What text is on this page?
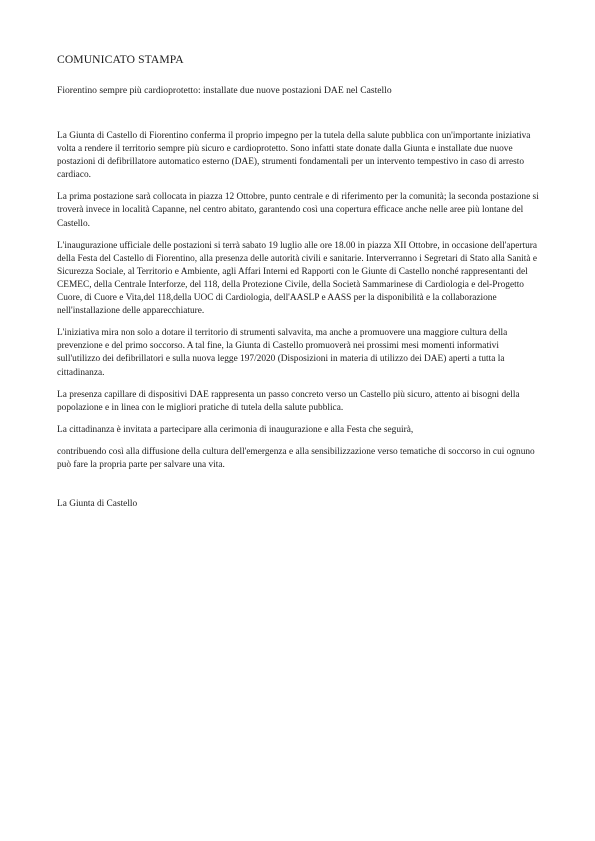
COMUNICATO STAMPA

Fiorentino sempre più cardioprotetto: installate due nuove postazioni DAE nel Castello

La Giunta di Castello di Fiorentino conferma il proprio impegno per la tutela della salute pubblica con un'importante iniziativa volta a rendere il territorio sempre più sicuro e cardioprotetto. Sono infatti state donate dalla Giunta e installate due nuove postazioni di defibrillatore automatico esterno (DAE), strumenti fondamentali per un intervento tempestivo in caso di arresto cardiaco.

La prima postazione sarà collocata in piazza 12 Ottobre, punto centrale e di riferimento per la comunità; la seconda postazione si troverà invece in località Capanne, nel centro abitato, garantendo così una copertura efficace anche nelle aree più lontane del Castello.

L'inaugurazione ufficiale delle postazioni si terrà sabato 19 luglio alle ore 18.00 in piazza XII Ottobre, in occasione dell'apertura della Festa del Castello di Fiorentino, alla presenza delle autorità civili e sanitarie. Interverranno i Segretari di Stato alla Sanità e Sicurezza Sociale, al Territorio e Ambiente, agli Affari Interni ed Rapporti con le Giunte di Castello nonché rappresentanti del CEMEC, della Centrale Interforze, del 118, della Protezione Civile, della Società Sammarinese di Cardiologia e del-Progetto Cuore, di Cuore e Vita,del 118,della UOC di Cardiologia, dell'AASLP e AASS per la disponibilità e la collaborazione nell'installazione delle apparecchiature.

L'iniziativa mira non solo a dotare il territorio di strumenti salvavita, ma anche a promuovere una maggiore cultura della prevenzione e del primo soccorso. A tal fine, la Giunta di Castello promuoverà nei prossimi mesi momenti informativi sull'utilizzo dei defibrillatori e sulla nuova legge 197/2020 (Disposizioni in materia di utilizzo dei DAE) aperti a tutta la cittadinanza.

La presenza capillare di dispositivi DAE rappresenta un passo concreto verso un Castello più sicuro, attento ai bisogni della popolazione e in linea con le migliori pratiche di tutela della salute pubblica.

La cittadinanza è invitata a partecipare alla cerimonia di inaugurazione e alla Festa che seguirà,

contribuendo così alla diffusione della cultura dell'emergenza e alla sensibilizzazione verso tematiche di soccorso in cui ognuno può fare la propria parte per salvare una vita.

La Giunta di Castello
